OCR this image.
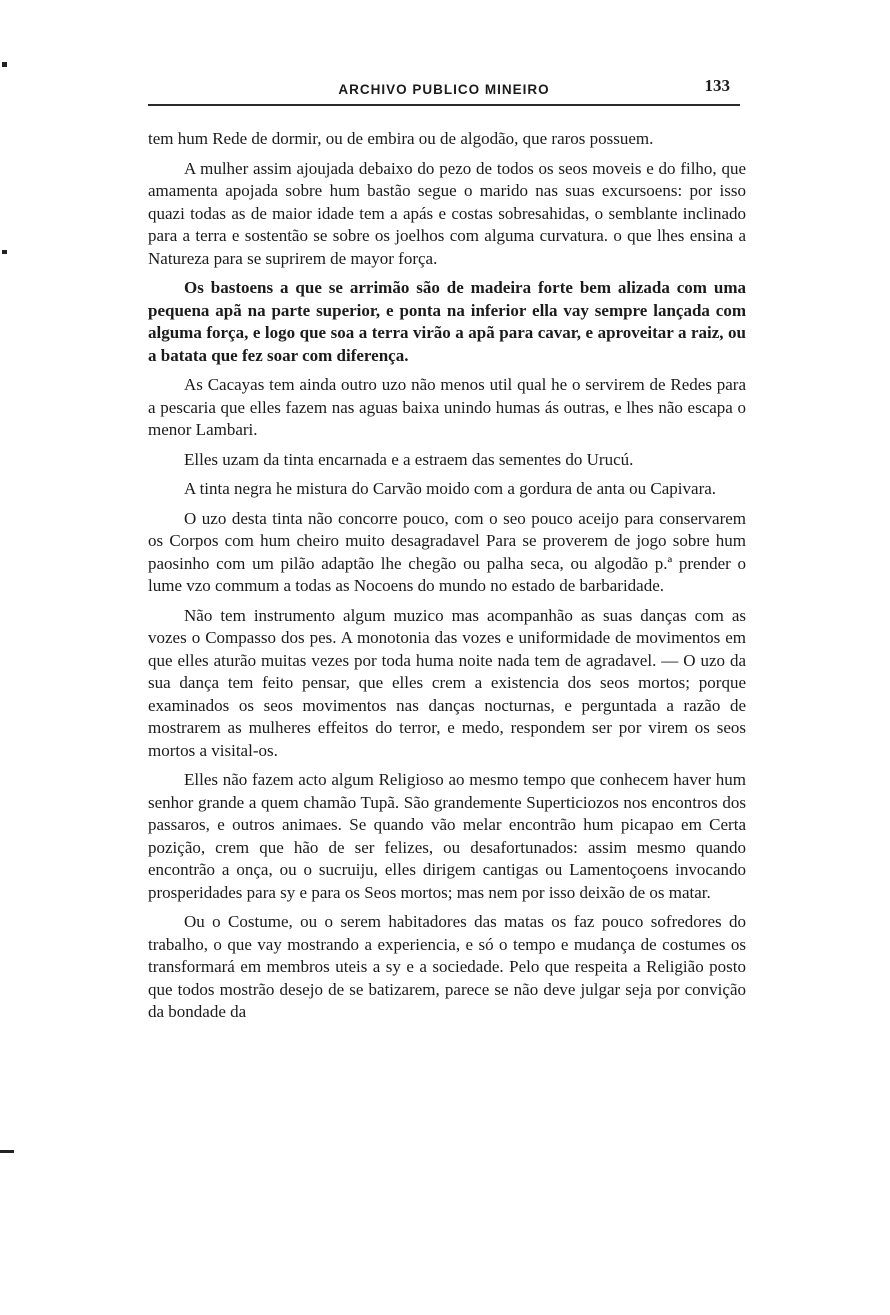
ARCHIVO PUBLICO MINEIRO	133

tem hum Rede de dormir, ou de embira ou de algodão, que raros possuem.

A mulher assim ajoujada debaixo do pezo de todos os seos moveis e do filho, que amamenta apojada sobre hum bastão segue o marido nas suas excursoens: por isso quazi todas as de maior idade tem a apás e costas sobresahidas, o semblante inclinado para a terra e sostentão se sobre os joelhos com alguma curvatura. o que lhes ensina a Natureza para se suprirem de mayor força.

Os bastoens a que se arrimão são de madeira forte bem alizada com uma pequena apã na parte superior, e ponta na inferior ella vay sempre lançada com alguma força, e logo que soa a terra virão a apã para cavar, e aproveitar a raiz, ou a batata que fez soar com diferença.

As Cacayas tem ainda outro uzo não menos util qual he o servirem de Redes para a pescaria que elles fazem nas aguas baixa unindo humas ás outras, e lhes não escapa o menor Lambari.

Elles uzam da tinta encarnada e a estraem das sementes do Urucú.

A tinta negra he mistura do Carvão moido com a gordura de anta ou Capivara.

O uzo desta tinta não concorre pouco, com o seo pouco aceijo para conservarem os Corpos com hum cheiro muito desagradavel Para se proverem de jogo sobre hum paosinho com um pilão adaptão lhe chegão ou palha seca, ou algodão p.ª prender o lume vzo commum a todas as Nocoens do mundo no estado de barbaridade.

Não tem instrumento algum muzico mas acompanhão as suas danças com as vozes o Compasso dos pes. A monotonia das vozes e uniformidade de movimentos em que elles aturão muitas vezes por toda huma noite nada tem de agradavel. — O uzo da sua dança tem feito pensar, que elles crem a existencia dos seos mortos; porque examinados os seos movimentos nas danças nocturnas, e perguntada a razão de mostrarem as mulheres effeitos do terror, e medo, respondem ser por virem os seos mortos a visital-os.

Elles não fazem acto algum Religioso ao mesmo tempo que conhecem haver hum senhor grande a quem chamão Tupã. São grandemente Superticiozos nos encontros dos passaros, e outros animaes. Se quando vão melar encontrão hum picapao em Certa pozição, crem que hão de ser felizes, ou desafortunados: assim mesmo quando encontrão a onça, ou o sucruiju, elles dirigem cantigas ou Lamentoçoens invocando prosperidades para sy e para os Seos mortos; mas nem por isso deixão de os matar.

Ou o Costume, ou o serem habitadores das matas os faz pouco sofredores do trabalho, o que vay mostrando a experiencia, e só o tempo e mudança de costumes os transformará em membros uteis a sy e a sociedade. Pelo que respeita a Religião posto que todos mostrão desejo de se batizarem, parece se não deve julgar seja por convição da bondade da
